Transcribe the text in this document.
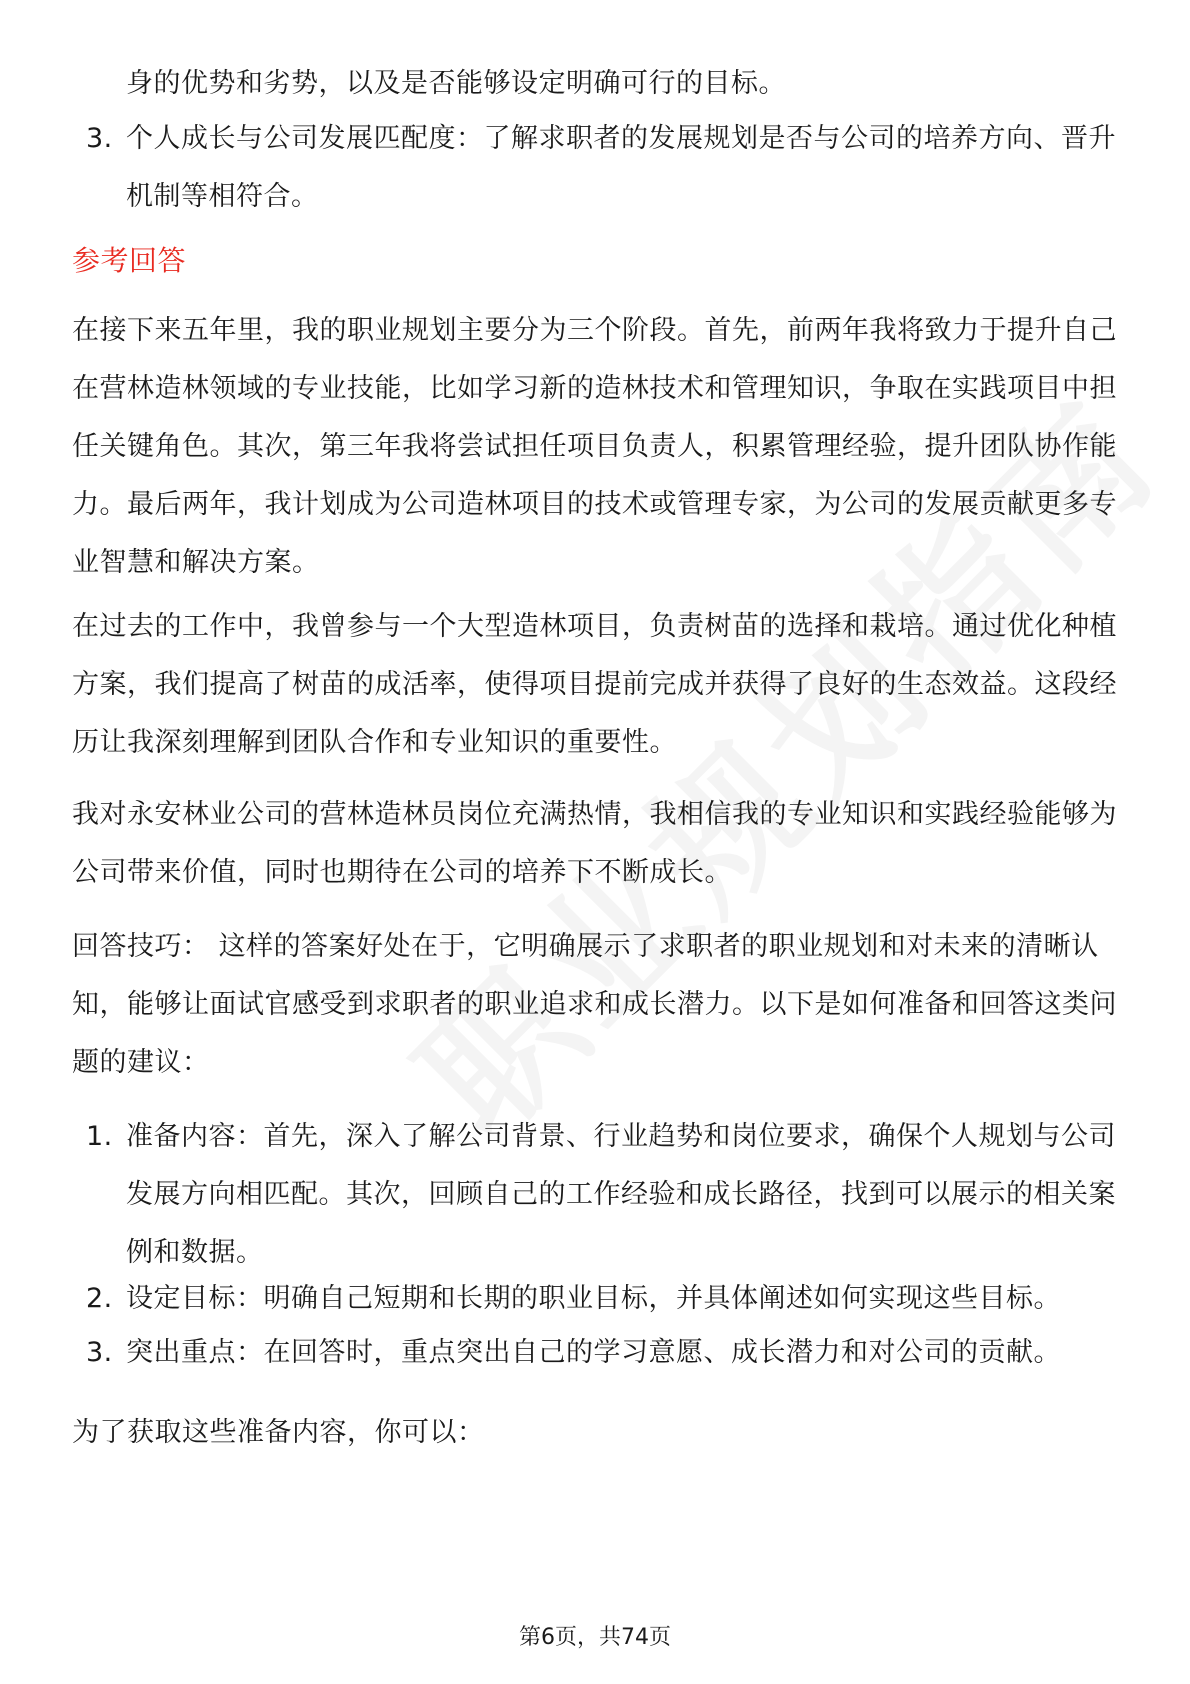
身的优势和劣势，以及是否能够设定明确可行的目标。

3. 个人成长与公司发展匹配度：了解求职者的发展规划是否与公司的培养方向、晋升机制等相符合。

参考回答

在接下来五年里，我的职业规划主要分为三个阶段。首先，前两年我将致力于提升自己在营林造林领域的专业技能，比如学习新的造林技术和管理知识，争取在实践项目中担任关键角色。其次，第三年我将尝试担任项目负责人，积累管理经验，提升团队协作能力。最后两年，我计划成为公司造林项目的技术或管理专家，为公司的发展贡献更多专业智慧和解决方案。

在过去的工作中，我曾参与一个大型造林项目，负责树苗的选择和栽培。通过优化种植方案，我们提高了树苗的成活率，使得项目提前完成并获得了良好的生态效益。这段经历让我深刻理解到团队合作和专业知识的重要性。

我对永安林业公司的营林造林员岗位充满热情，我相信我的专业知识和实践经验能够为公司带来价值，同时也期待在公司的培养下不断成长。

回答技巧： 这样的答案好处在于，它明确展示了求职者的职业规划和对未来的清晰认知，能够让面试官感受到求职者的职业追求和成长潜力。以下是如何准备和回答这类问题的建议：

1. 准备内容：首先，深入了解公司背景、行业趋势和岗位要求，确保个人规划与公司发展方向相匹配。其次，回顾自己的工作经验和成长路径，找到可以展示的相关案例和数据。
2. 设定目标：明确自己短期和长期的职业目标，并具体阐述如何实现这些目标。
3. 突出重点：在回答时，重点突出自己的学习意愿、成长潜力和对公司的贡献。

为了获取这些准备内容，你可以：

第6页，共74页
